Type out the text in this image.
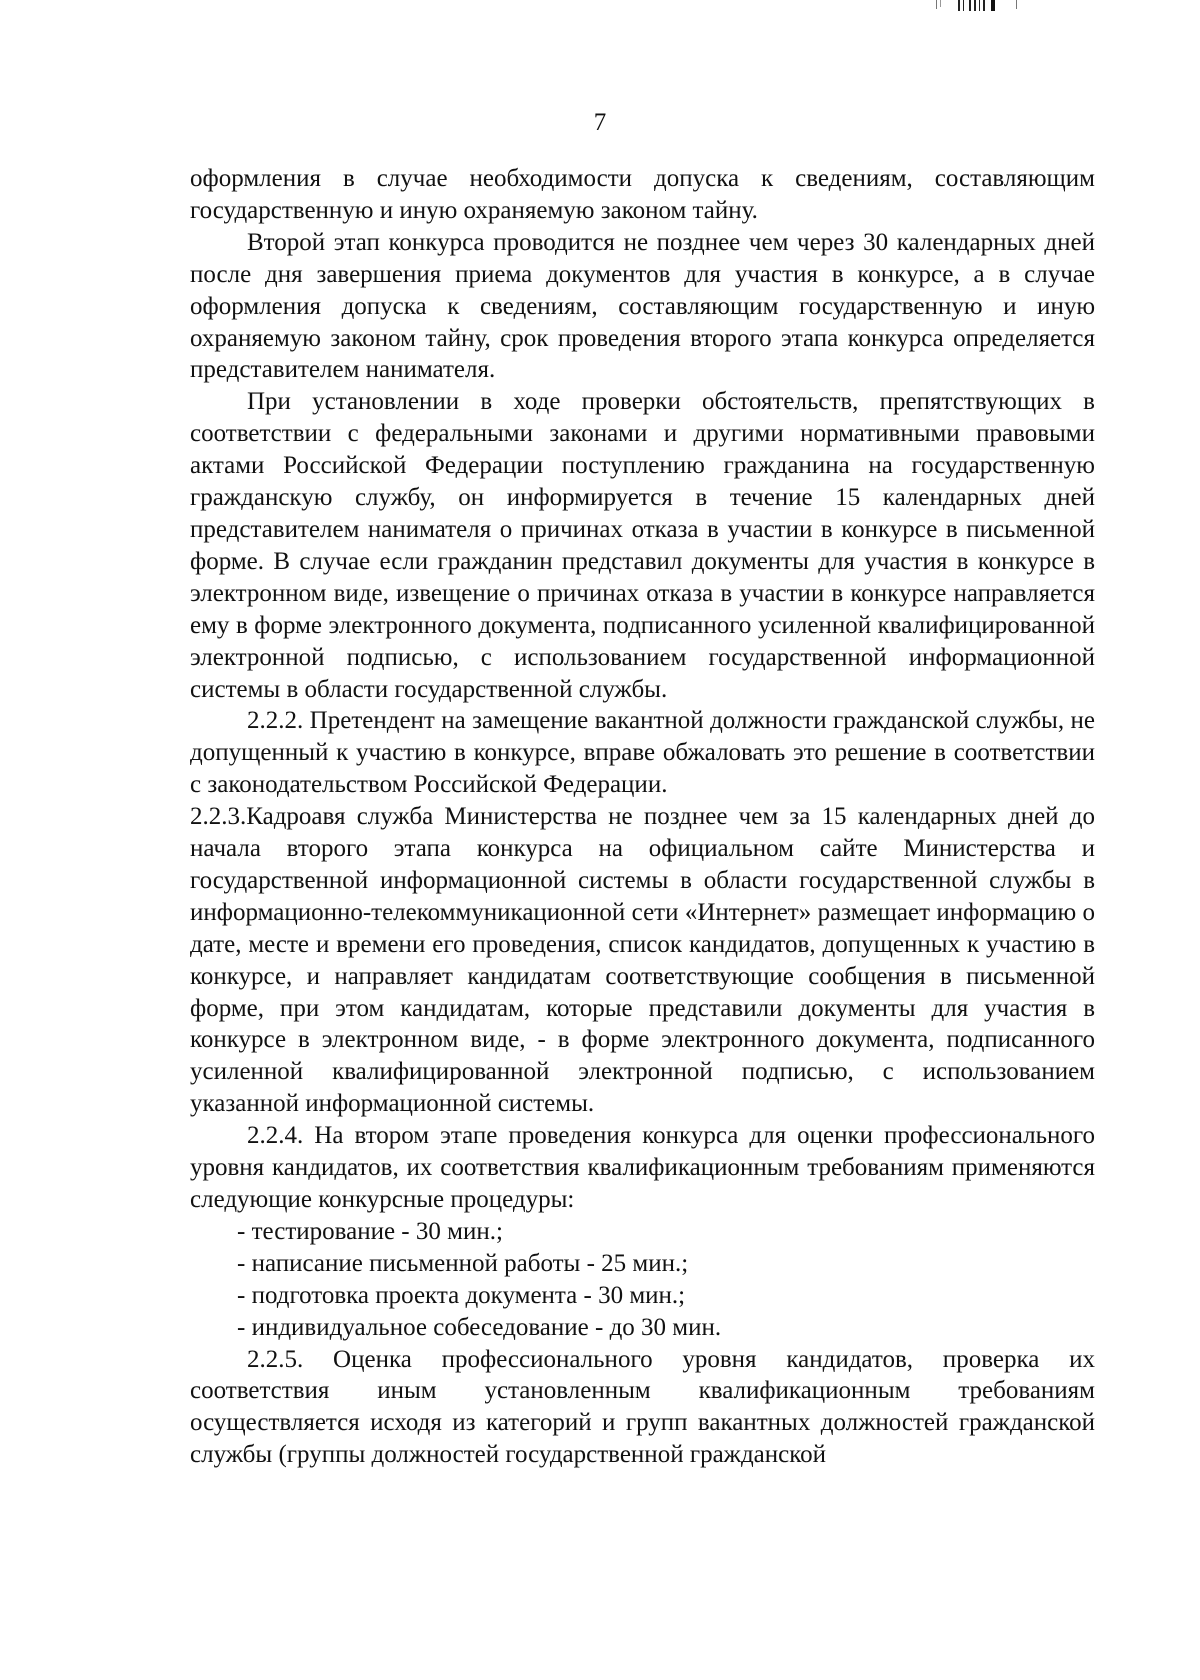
7

оформления в случае необходимости допуска к сведениям, составляющим государственную и иную охраняемую законом тайну.

Второй этап конкурса проводится не позднее чем через 30 календарных дней после дня завершения приема документов для участия в конкурсе, а в случае оформления допуска к сведениям, составляющим государственную и иную охраняемую законом тайну, срок проведения второго этапа конкурса определяется представителем нанимателя.

При установлении в ходе проверки обстоятельств, препятствующих в соответствии с федеральными законами и другими нормативными правовыми актами Российской Федерации поступлению гражданина на государственную гражданскую службу, он информируется в течение 15 календарных дней представителем нанимателя о причинах отказа в участии в конкурсе в письменной форме. В случае если гражданин представил документы для участия в конкурсе в электронном виде, извещение о причинах отказа в участии в конкурсе направляется ему в форме электронного документа, подписанного усиленной квалифицированной электронной подписью, с использованием государственной информационной системы в области государственной службы.

2.2.2. Претендент на замещение вакантной должности гражданской службы, не допущенный к участию в конкурсе, вправе обжаловать это решение в соответствии с законодательством Российской Федерации.

2.2.3.Кадроавя служба Министерства не позднее чем за 15 календарных дней до начала второго этапа конкурса на официальном сайте Министерства и государственной информационной системы в области государственной службы в информационно-телекоммуникационной сети «Интернет» размещает информацию о дате, месте и времени его проведения, список кандидатов, допущенных к участию в конкурсе, и направляет кандидатам соответствующие сообщения в письменной форме, при этом кандидатам, которые представили документы для участия в конкурсе в электронном виде, - в форме электронного документа, подписанного усиленной квалифицированной электронной подписью, с использованием указанной информационной системы.

2.2.4. На втором этапе проведения конкурса для оценки профессионального уровня кандидатов, их соответствия квалификационным требованиям применяются следующие конкурсные процедуры:

- тестирование - 30 мин.;

- написание письменной работы - 25 мин.;

- подготовка проекта документа - 30 мин.;

- индивидуальное собеседование - до 30 мин.

2.2.5. Оценка профессионального уровня кандидатов, проверка их соответствия иным установленным квалификационным требованиям осуществляется исходя из категорий и групп вакантных должностей гражданской службы (группы должностей государственной гражданской
